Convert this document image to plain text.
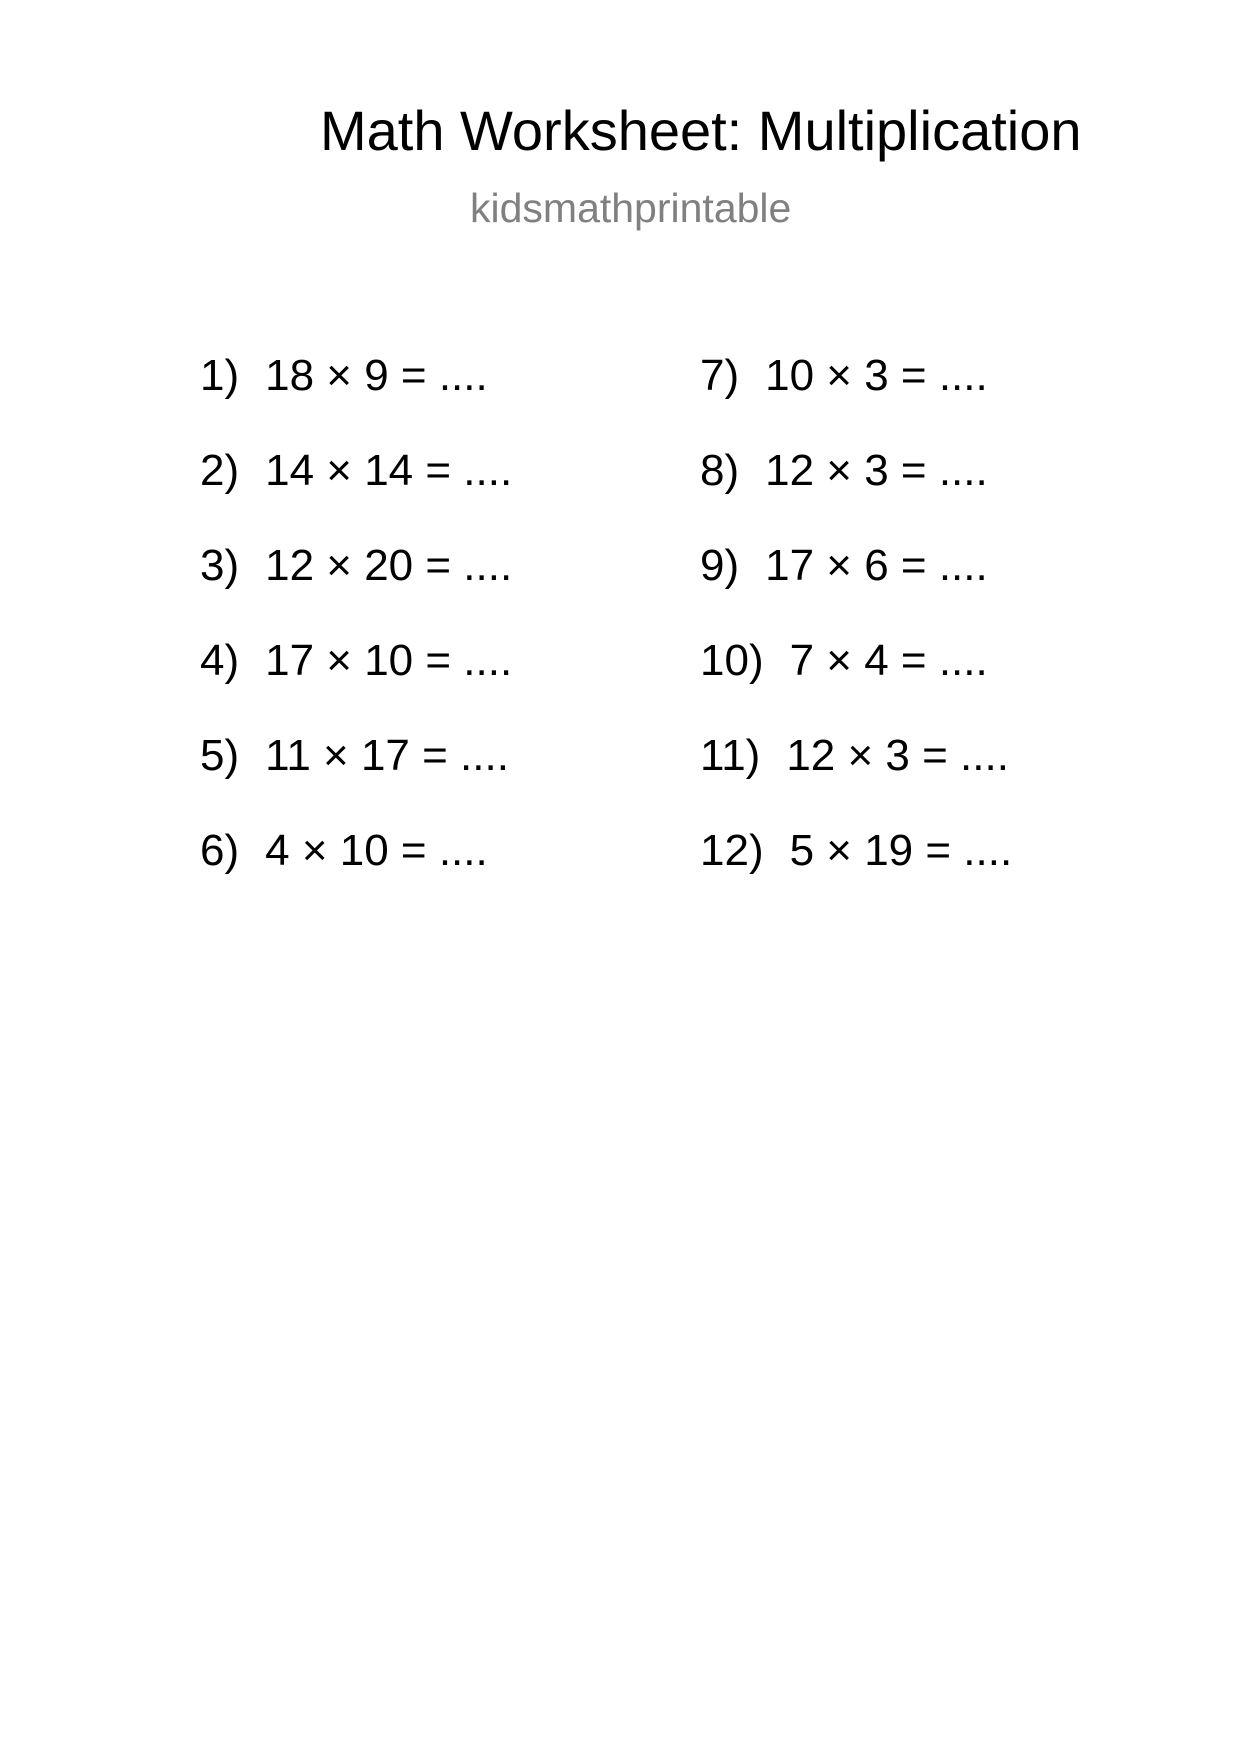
Math Worksheet: Multiplication
kidsmathprintable
1) 18 × 9 = ....
2) 14 × 14 = ....
3) 12 × 20 = ....
4) 17 × 10 = ....
5) 11 × 17 = ....
6) 4 × 10 = ....
7) 10 × 3 = ....
8) 12 × 3 = ....
9) 17 × 6 = ....
10) 7 × 4 = ....
11) 12 × 3 = ....
12) 5 × 19 = ....
